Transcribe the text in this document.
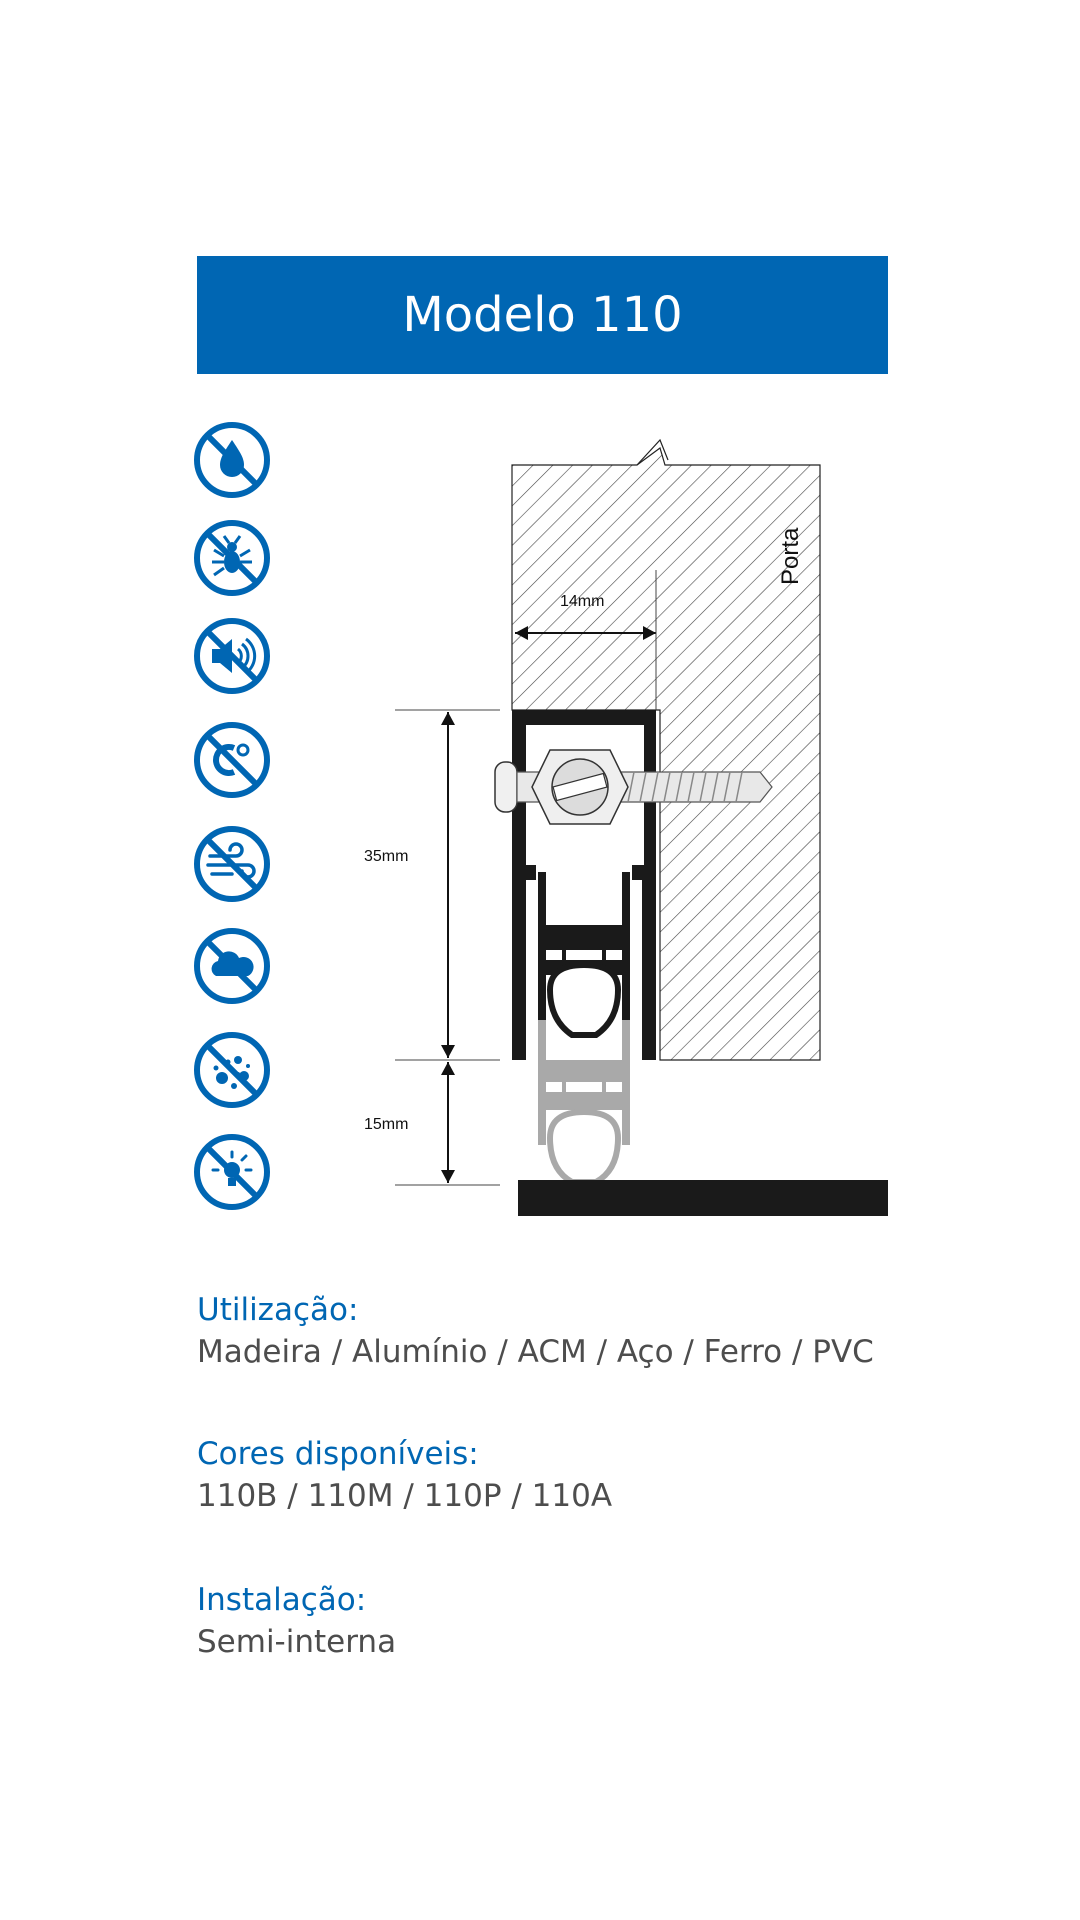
Modelo 110
Porta
14mm
35mm
15mm
Utilização:
Madeira / Alumínio / ACM / Aço / Ferro / PVC
Cores disponíveis:
110B / 110M / 110P / 110A
Instalação:
Semi-interna
